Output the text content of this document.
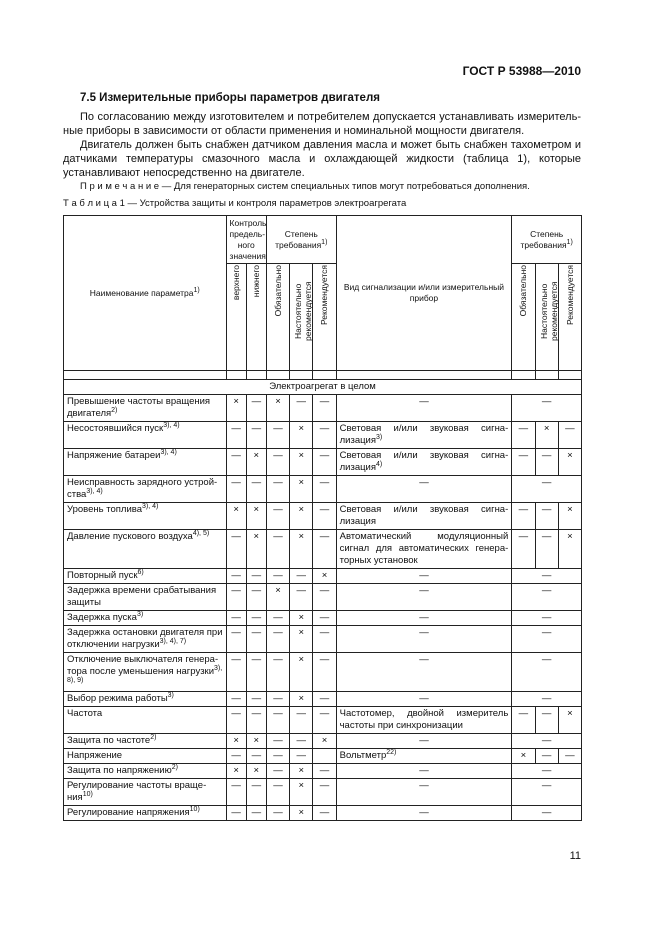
ГОСТ Р 53988—2010
7.5 Измерительные приборы параметров двигателя

По согласованию между изготовителем и потребителем допускается устанавливать измерительные приборы в зависимости от области применения и номинальной мощности двигателя.

Двигатель должен быть снабжен датчиком давления масла и может быть снабжен тахометром и датчиками температуры смазочного масла и охлаждающей жидкости (таблица 1), которые устанавливают непосредственно на двигателе.

П р и м е ч а н и е — Для генераторных систем специальных типов могут потребоваться дополнения.
Т а б л и ц а 1 — Устройства защиты и контроля параметров электроагрегата
Наименование параметра$^{1)}$	Контроль предельного значения		Степень требования$^{1)}$			Вид сигнализации и/или измерительный прибор	Степень требования$^{1)}$
	верхнего	нижнего	Обязательно	Настоятельно рекомендуется	Рекомендуется		Обязательно	Настоятельно рекомендуется	Рекомендуется

Электроагрегат в целом									
Превышение частоты вращения двигателя$^{2)}$	×	—	×	—	—	—	—		
Несостоявшийся пуск$^{3), 4)}$	—	—	—	×	—	Световая и/или звуковая сигнализация$^{3)}$	—	×	—
Напряжение батареи$^{3), 4)}$	—	×	—	×	—	Световая и/или звуковая сигнализация$^{4)}$	—	—	×
Неисправность зарядного устрой- ства$^{3), 4)}$	—	—	—	×	—	—	—		
Уровень топлива$^{3), 4)}$	×	×	—	×	—	Световая и/или звуковая сигнализация	—	—	×
Давление пускового воздуха$^{4), 5)}$	—	×	—	×	—	Автоматический модуляционный сигнал для автоматических генераторных установок	—	—	×
Повторный пуск$^{6)}$	—	—	—	—	×	—	—		
Задержка времени срабатывания защиты	—	—	×	—	—	—	—		
Задержка пуска$^{3)}$	—	—	—	×	—	—	—		
Задержка остановки двигателя при отключении нагрузки$^{3), 4), 7)}$	—	—	—	×	—	—	—		
Отключение выключателя генератора после уменьшения нагрузки$^{3), 8), 9)}$	—	—	—	×	—	—	—		
Выбор режима работы$^{3)}$	—	—	—	×	—	—	—		
Частота	—	—	—	—	—	Частотомер, двойной измеритель частоты при синхронизации	—	—	×
Защита по частоте$^{2)}$	×	×	—	—	×	—	—		
Напряжение	—	—	—	—		Вольтметр$^{22)}$	×	—	—
Защита по напряжению$^{2)}$	×	×	—	×	—	—	—		
Регулирование частоты вращения$^{10)}$	—	—	—	×	—	—	—		
Регулирование напряжения$^{10)}$	—	—	—	×	—	—	—		
11
